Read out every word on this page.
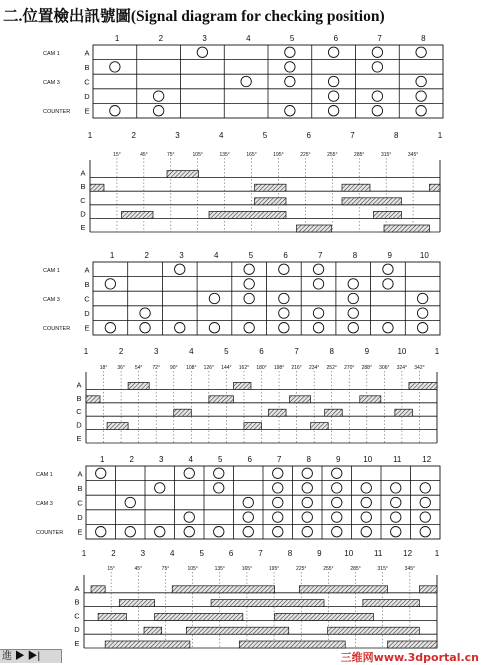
二.位置檢出訊號圖(Signal diagram for checking position)
1	2	3	4	5	6	7	8
A
CAM 1
B
C
CAM 3
D
E
COUNTER
1	2	3	4	5	6	7	8	1
15°	45°	75°	105°	135°	165°	195°	225°	255°	285°	315°	345°
A
B
C
D
E
1	2	3	4	5	6	7	8	9	10
A
CAM 1
B
C
CAM 3
D
E
COUNTER
1	2	3	4	5	6	7	8	9	10	1
18° 36° 54° 72° 90° 108° 126° 144° 162° 180° 198° 216° 234° 252° 270° 288° 306° 324° 342°
A
B
C
D
E
1	2	3	4	5	6	7	8	9	10	11	12
A
CAM 1
B
C
CAM 3
D
E
COUNTER
1	2	3	4	5	6	7	8	9	10	11	12	1
15°	45°	75°	105°	135°	165°	195°	225°	255°	285°	315°	345°
A
B
C
D
E
進 ▶ ▶|	三维网www.3dportal.cn
